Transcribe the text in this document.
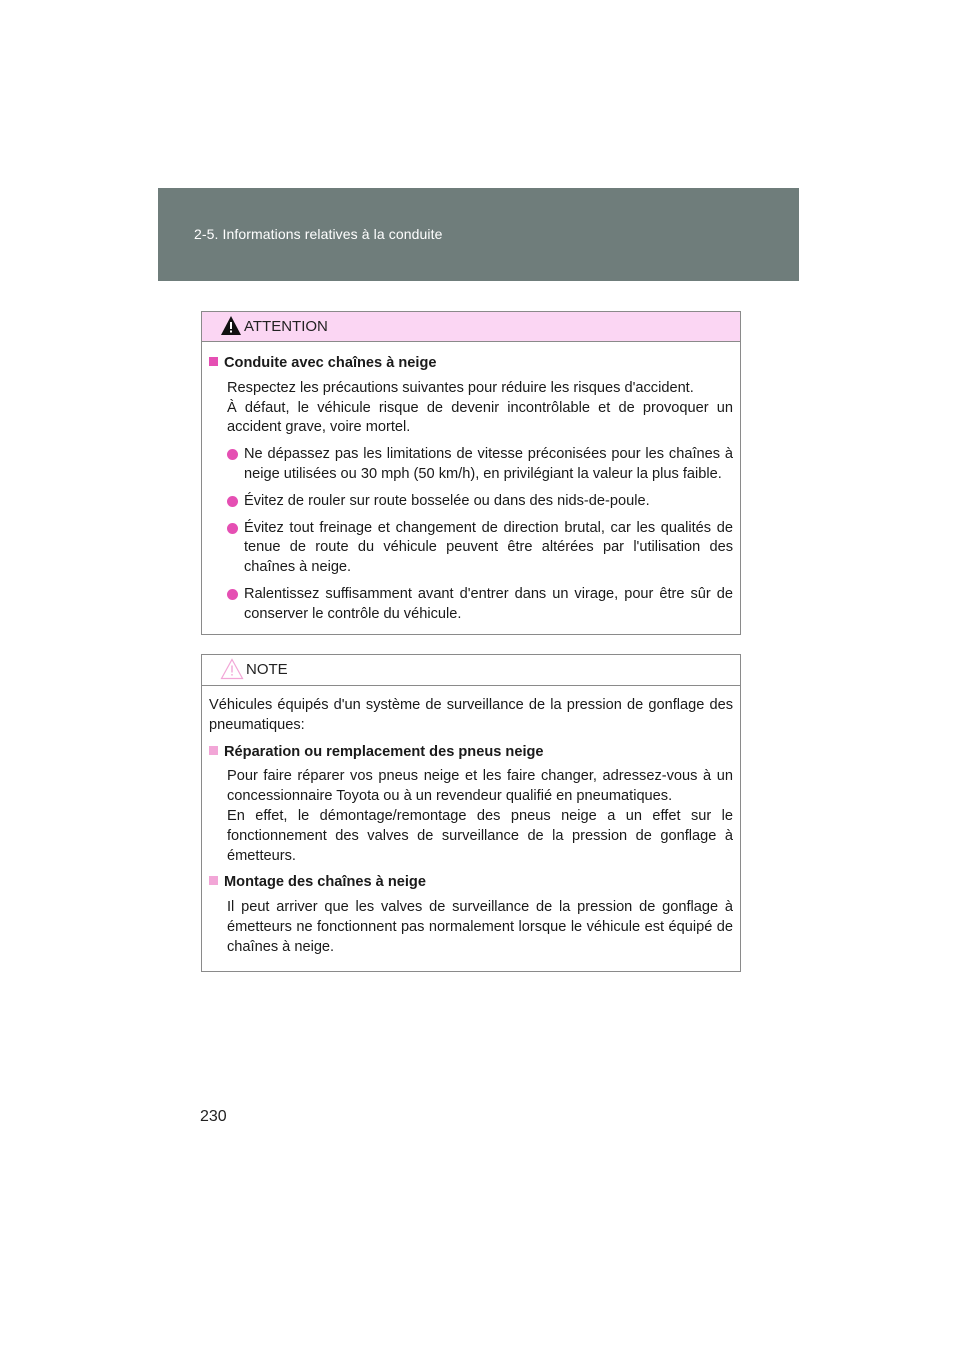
2-5. Informations relatives à la conduite
ATTENTION
Conduite avec chaînes à neige
Respectez les précautions suivantes pour réduire les risques d'accident.
À défaut, le véhicule risque de devenir incontrôlable et de provoquer un accident grave, voire mortel.
Ne dépassez pas les limitations de vitesse préconisées pour les chaînes à neige utilisées ou 30 mph (50 km/h), en privilégiant la valeur la plus faible.
Évitez de rouler sur route bosselée ou dans des nids-de-poule.
Évitez tout freinage et changement de direction brutal, car les qualités de tenue de route du véhicule peuvent être altérées par l'utilisation des chaînes à neige.
Ralentissez suffisamment avant d'entrer dans un virage, pour être sûr de conserver le contrôle du véhicule.
NOTE
Véhicules équipés d'un système de surveillance de la pression de gonflage des pneumatiques:
Réparation ou remplacement des pneus neige
Pour faire réparer vos pneus neige et les faire changer, adressez-vous à un concessionnaire Toyota ou à un revendeur qualifié en pneumatiques.
En effet, le démontage/remontage des pneus neige a un effet sur le fonctionnement des valves de surveillance de la pression de gonflage à émetteurs.
Montage des chaînes à neige
Il peut arriver que les valves de surveillance de la pression de gonflage à émetteurs ne fonctionnent pas normalement lorsque le véhicule est équipé de chaînes à neige.
230
